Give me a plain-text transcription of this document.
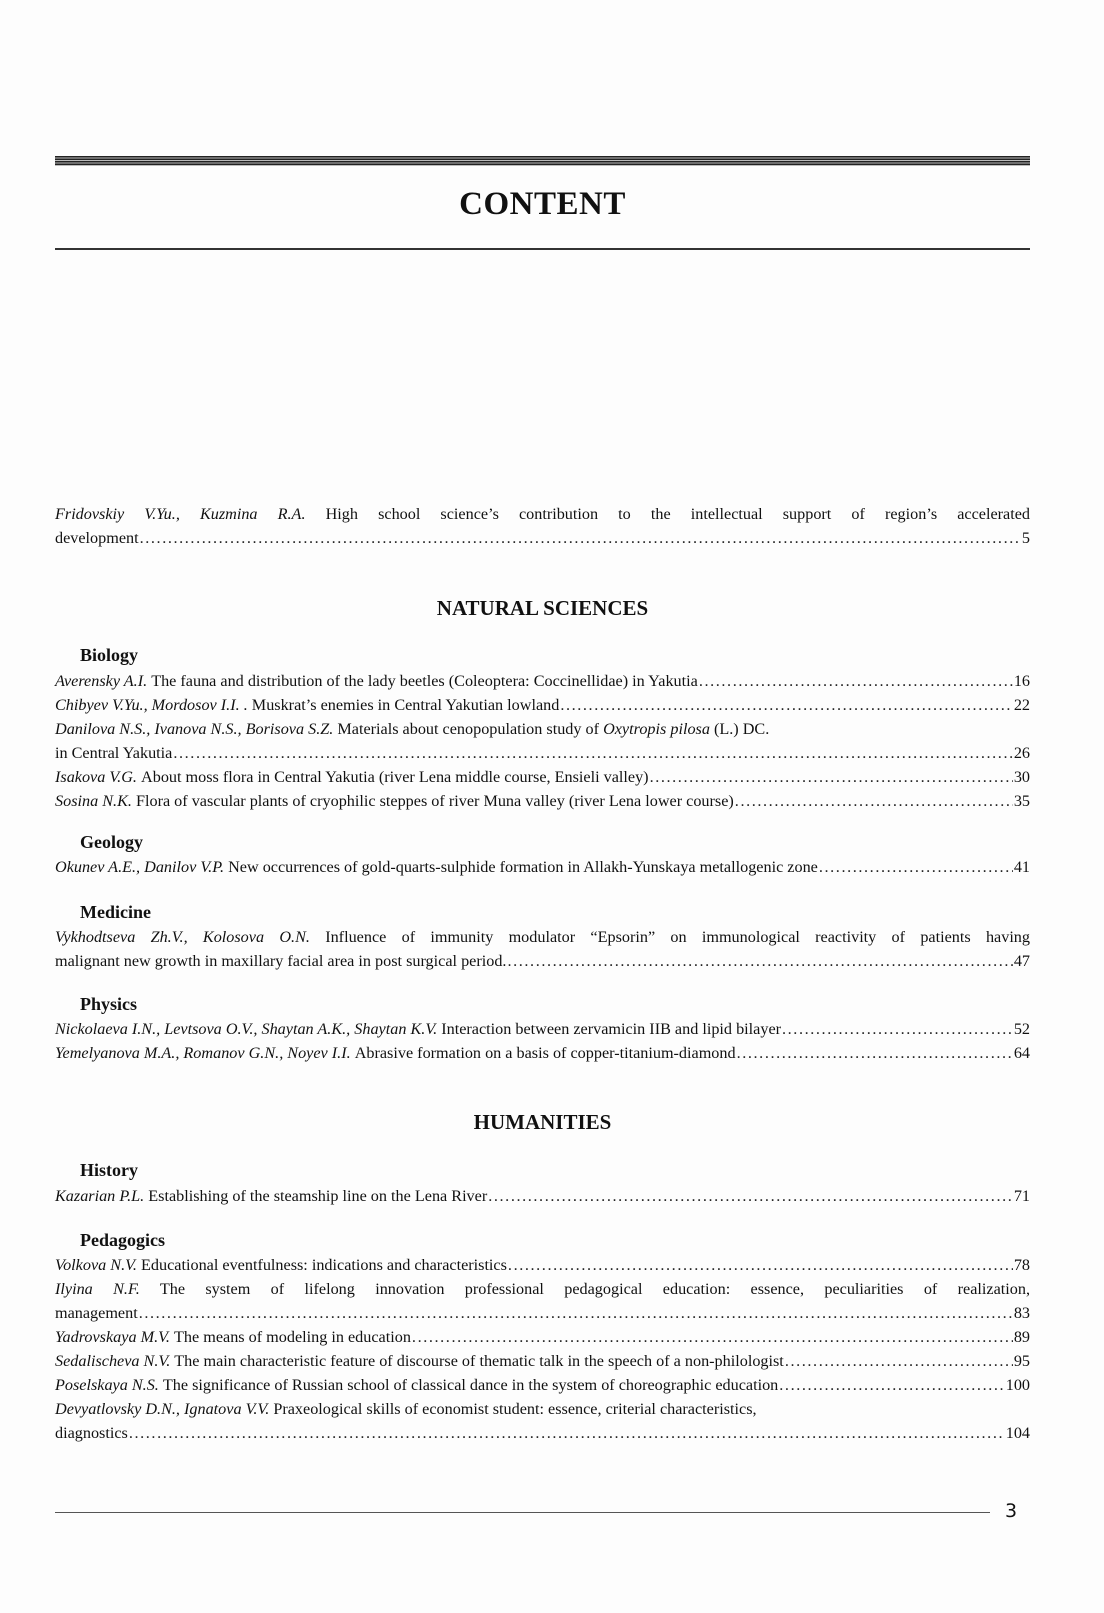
CONTENT
Fridovskiy V.Yu., Kuzmina R.A. High school science’s contribution to the intellectual support of region’s accelerated
development .....	5
NATURAL SCIENCES
Biology
Averensky A.I.
The fauna and distribution of the lady beetles (Coleoptera: Coccinellidae) in Yakutia .....	16
Chibyev V.Yu., Mordosov I.I. .
Muskrat’s enemies in Central Yakutian lowland .....	22
Danilova N.S., Ivanova N.S., Borisova S.Z.
Materials about cenopopulation study of
Oxytropis pilosa
(L.) DC.
in Central Yakutia .....	26
Isakova V.G.
About moss flora in Central Yakutia (river Lena middle course, Ensieli valley) .....	30
Sosina N.K.
Flora of vascular plants of cryophilic steppes of river Muna valley (river Lena lower course) .....	35
Geology
Okunev A.E., Danilov V.P.
New occurrences of gold-quarts-sulphide formation in Allakh-Yunskaya metallogenic zone .....	41
Medicine
Vykhodtseva Zh.V., Kolosova O.N. Influence of immunity modulator “Epsorin” on immunological reactivity of patients having
malignant new growth in maxillary facial area in post surgical period. .....	47
Physics
Nickolaeva I.N., Levtsova O.V., Shaytan A.K., Shaytan K.V.
Interaction between zervamicin IIB and lipid bilayer .....	52
Yemelyanova M.A., Romanov G.N., Noyev I.I.
Abrasive formation on a basis of copper-titanium-diamond .....	64
HUMANITIES
History
Kazarian P.L.
Establishing of the steamship line on the Lena River .....	71
Pedagogics
Volkova N.V.
Educational eventfulness: indications and characteristics .....	78
Ilyina N.F. The system of lifelong innovation professional pedagogical education: essence, peculiarities of realization,
management .....	83
Yadrovskaya M.V.
The means of modeling in education .....	89
Sedalischeva N.V.
The main characteristic feature of discourse of thematic talk in the speech of a non-philologist .....	95
Poselskaya N.S.
The significance of Russian school of classical dance in the system of choreographic education .....	100
Devyatlovsky D.N., Ignatova V.V.
Praxeological skills of economist student: essence, criterial characteristics,
diagnostics .....	104
3
